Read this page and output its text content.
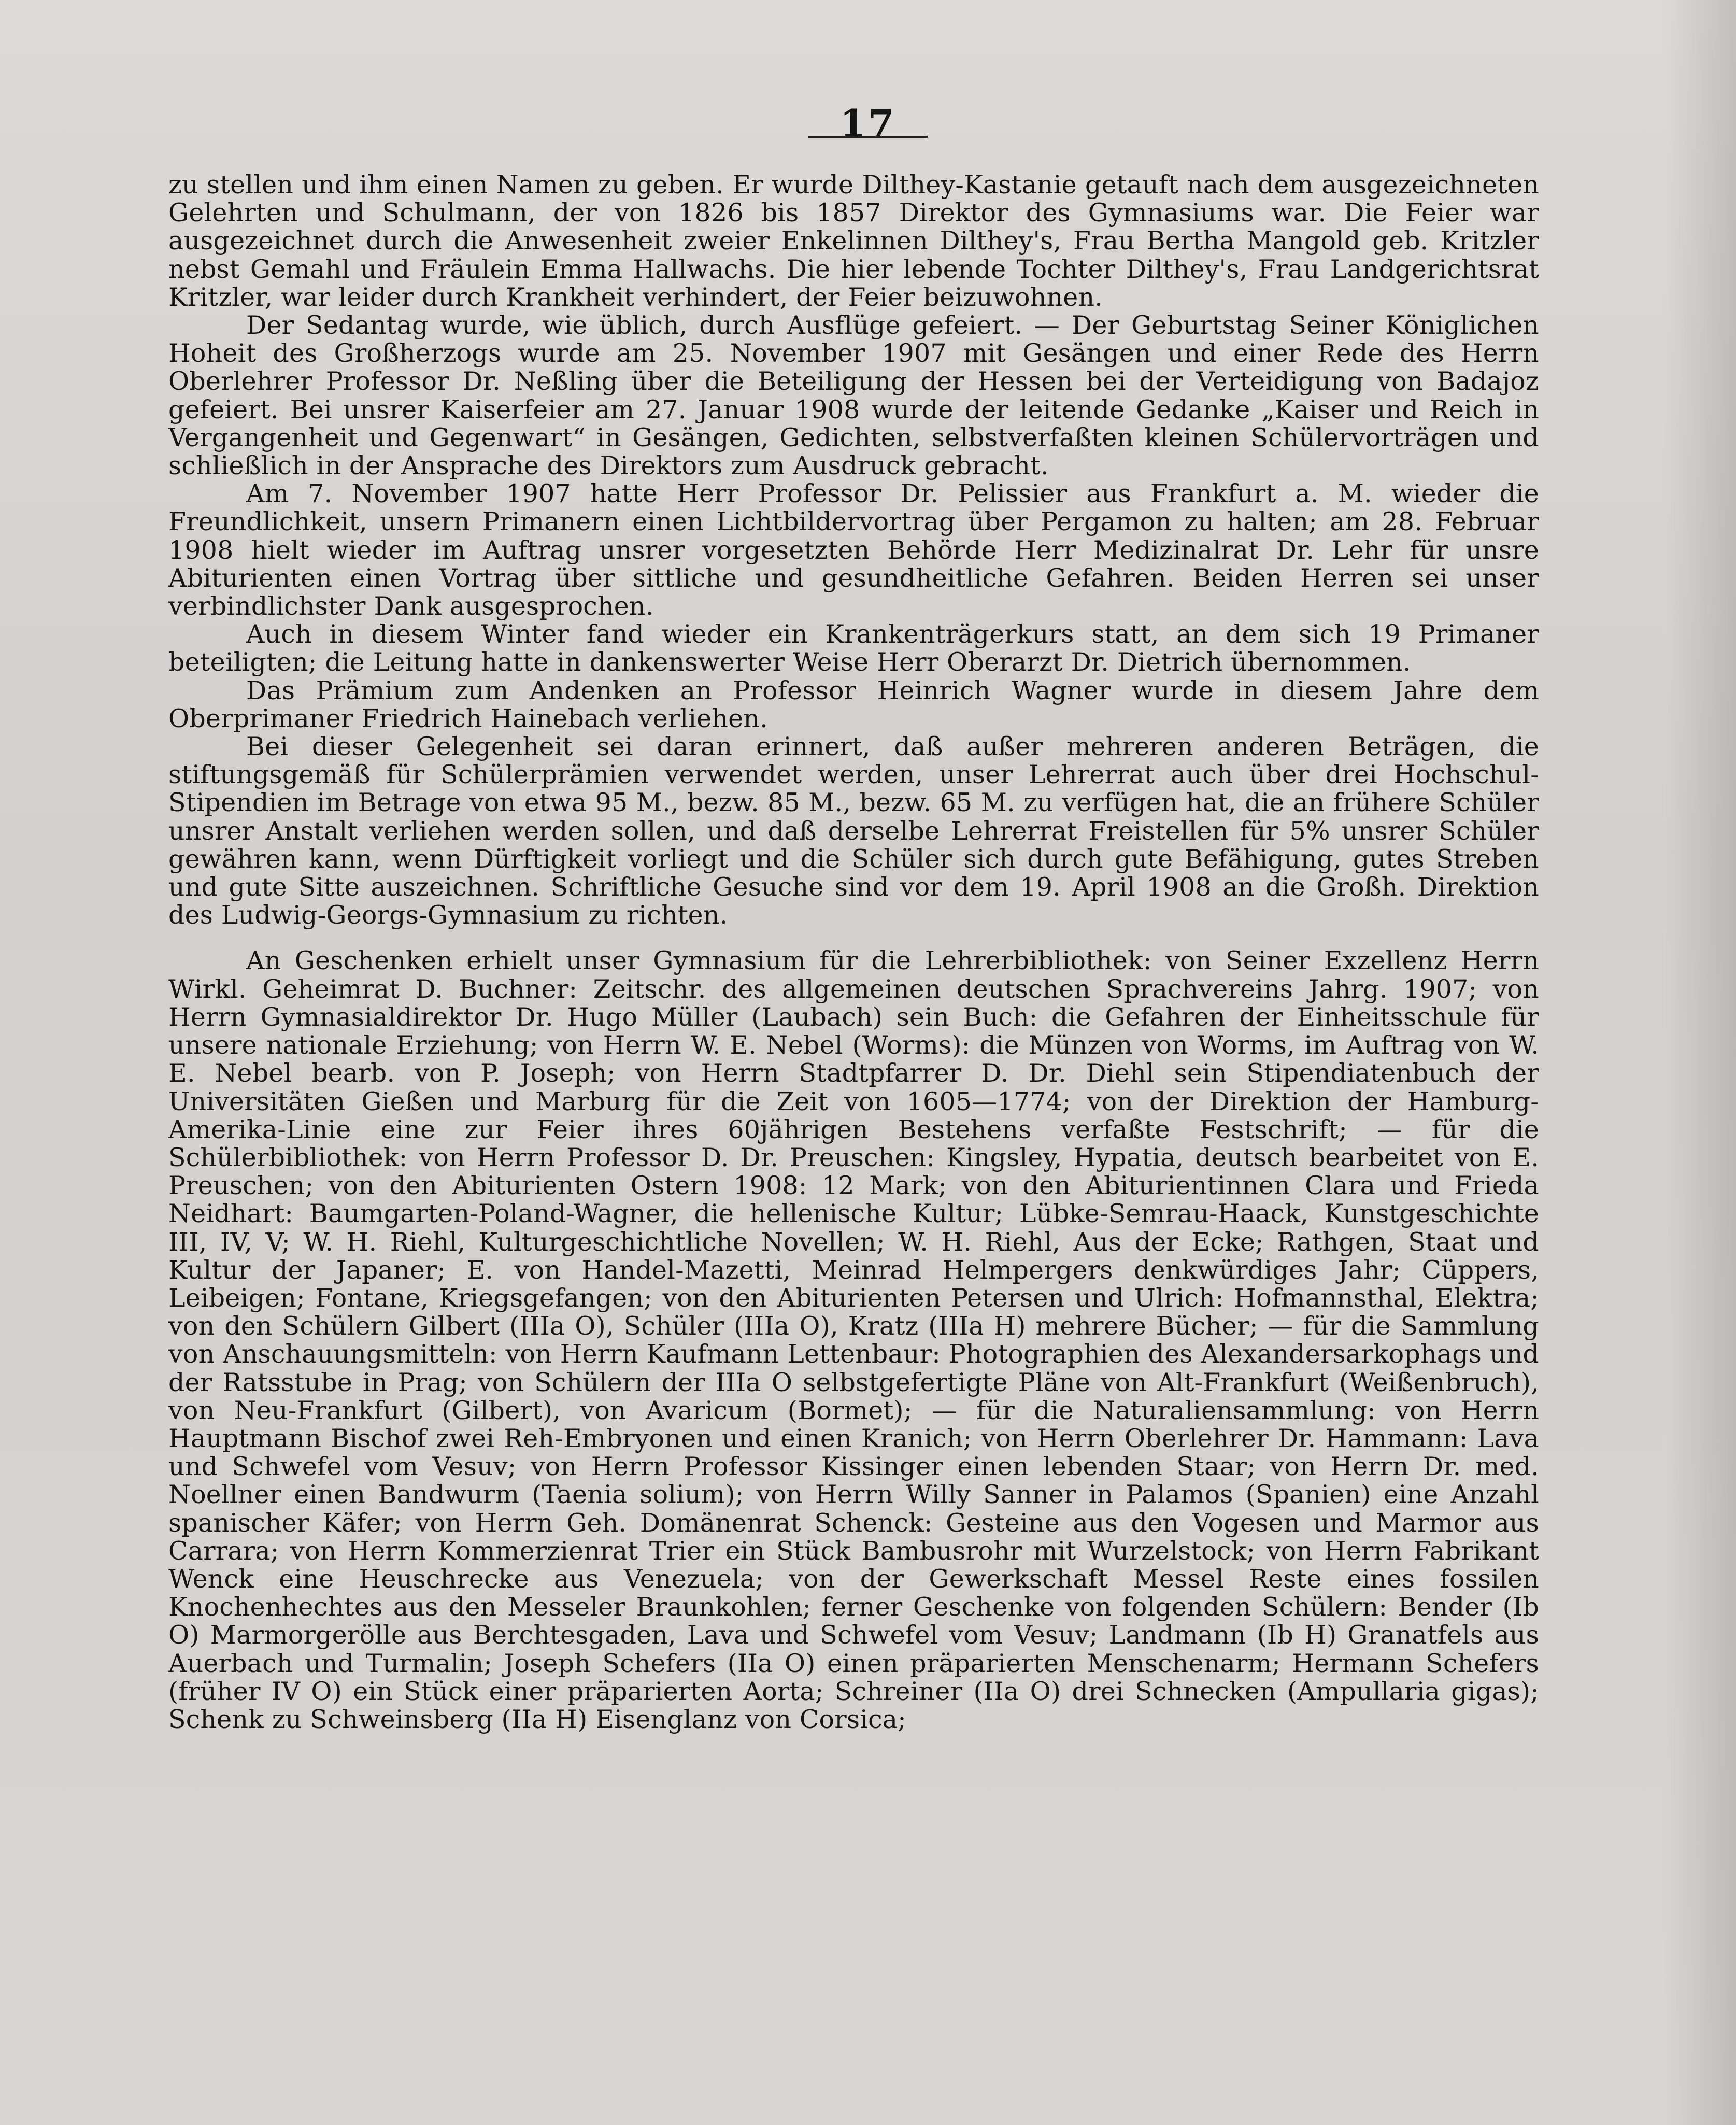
17

zu stellen und ihm einen Namen zu geben. Er wurde Dilthey-Kastanie getauft nach dem ausgezeichneten Gelehrten und Schulmann, der von 1826 bis 1857 Direktor des Gymnasiums war. Die Feier war ausgezeichnet durch die Anwesenheit zweier Enkelinnen Dilthey's, Frau Bertha Mangold geb. Kritzler nebst Gemahl und Fräulein Emma Hallwachs. Die hier lebende Tochter Dilthey's, Frau Landgerichtsrat Kritzler, war leider durch Krankheit verhindert, der Feier beizuwohnen.

Der Sedantag wurde, wie üblich, durch Ausflüge gefeiert. — Der Geburtstag Seiner Königlichen Hoheit des Großherzogs wurde am 25. November 1907 mit Gesängen und einer Rede des Herrn Oberlehrer Professor Dr. Neßling über die Beteiligung der Hessen bei der Verteidigung von Badajoz gefeiert. Bei unsrer Kaiserfeier am 27. Januar 1908 wurde der leitende Gedanke „Kaiser und Reich in Vergangenheit und Gegenwart“ in Gesängen, Gedichten, selbstverfaßten kleinen Schülervorträgen und schließlich in der Ansprache des Direktors zum Ausdruck gebracht.

Am 7. November 1907 hatte Herr Professor Dr. Pelissier aus Frankfurt a. M. wieder die Freundlichkeit, unsern Primanern einen Lichtbildervortrag über Pergamon zu halten; am 28. Februar 1908 hielt wieder im Auftrag unsrer vorgesetzten Behörde Herr Medizinalrat Dr. Lehr für unsre Abiturienten einen Vortrag über sittliche und gesundheitliche Gefahren. Beiden Herren sei unser verbindlichster Dank ausgesprochen.

Auch in diesem Winter fand wieder ein Krankenträgerkurs statt, an dem sich 19 Primaner beteiligten; die Leitung hatte in dankenswerter Weise Herr Oberarzt Dr. Dietrich übernommen.

Das Prämium zum Andenken an Professor Heinrich Wagner wurde in diesem Jahre dem Oberprimaner Friedrich Hainebach verliehen.

Bei dieser Gelegenheit sei daran erinnert, daß außer mehreren anderen Beträgen, die stiftungsgemäß für Schülerprämien verwendet werden, unser Lehrerrat auch über drei Hochschul-Stipendien im Betrage von etwa 95 M., bezw. 85 M., bezw. 65 M. zu verfügen hat, die an frühere Schüler unsrer Anstalt verliehen werden sollen, und daß derselbe Lehrerrat Freistellen für 5% unsrer Schüler gewähren kann, wenn Dürftigkeit vorliegt und die Schüler sich durch gute Befähigung, gutes Streben und gute Sitte auszeichnen. Schriftliche Gesuche sind vor dem 19. April 1908 an die Großh. Direktion des Ludwig-Georgs-Gymnasium zu richten.

An Geschenken erhielt unser Gymnasium für die Lehrerbibliothek: von Seiner Exzellenz Herrn Wirkl. Geheimrat D. Buchner: Zeitschr. des allgemeinen deutschen Sprachvereins Jahrg. 1907; von Herrn Gymnasialdirektor Dr. Hugo Müller (Laubach) sein Buch: die Gefahren der Einheitsschule für unsere nationale Erziehung; von Herrn W. E. Nebel (Worms): die Münzen von Worms, im Auftrag von W. E. Nebel bearb. von P. Joseph; von Herrn Stadtpfarrer D. Dr. Diehl sein Stipendiatenbuch der Universitäten Gießen und Marburg für die Zeit von 1605—1774; von der Direktion der Hamburg-Amerika-Linie eine zur Feier ihres 60jährigen Bestehens verfaßte Festschrift; — für die Schülerbibliothek: von Herrn Professor D. Dr. Preuschen: Kingsley, Hypatia, deutsch bearbeitet von E. Preuschen; von den Abiturienten Ostern 1908: 12 Mark; von den Abiturientinnen Clara und Frieda Neidhart: Baumgarten-Poland-Wagner, die hellenische Kultur; Lübke-Semrau-Haack, Kunstgeschichte III, IV, V; W. H. Riehl, Kulturgeschichtliche Novellen; W. H. Riehl, Aus der Ecke; Rathgen, Staat und Kultur der Japaner; E. von Handel-Mazetti, Meinrad Helmpergers denkwürdiges Jahr; Cüppers, Leibeigen; Fontane, Kriegsgefangen; von den Abiturienten Petersen und Ulrich: Hofmannsthal, Elektra; von den Schülern Gilbert (IIIa O), Schüler (IIIa O), Kratz (IIIa H) mehrere Bücher; — für die Sammlung von Anschauungsmitteln: von Herrn Kaufmann Lettenbaur: Photographien des Alexandersarkophags und der Ratsstube in Prag; von Schülern der IIIa O selbstgefertigte Pläne von Alt-Frankfurt (Weißenbruch), von Neu-Frankfurt (Gilbert), von Avaricum (Bormet); — für die Naturaliensammlung: von Herrn Hauptmann Bischof zwei Reh-Embryonen und einen Kranich; von Herrn Oberlehrer Dr. Hammann: Lava und Schwefel vom Vesuv; von Herrn Professor Kissinger einen lebenden Staar; von Herrn Dr. med. Noellner einen Bandwurm (Taenia solium); von Herrn Willy Sanner in Palamos (Spanien) eine Anzahl spanischer Käfer; von Herrn Geh. Domänenrat Schenck: Gesteine aus den Vogesen und Marmor aus Carrara; von Herrn Kommerzienrat Trier ein Stück Bambusrohr mit Wurzelstock; von Herrn Fabrikant Wenck eine Heuschrecke aus Venezuela; von der Gewerkschaft Messel Reste eines fossilen Knochenhechtes aus den Messeler Braunkohlen; ferner Geschenke von folgenden Schülern: Bender (Ib O) Marmorgerölle aus Berchtesgaden, Lava und Schwefel vom Vesuv; Landmann (Ib H) Granatfels aus Auerbach und Turmalin; Joseph Schefers (IIa O) einen präparierten Menschenarm; Hermann Schefers (früher IV O) ein Stück einer präparierten Aorta; Schreiner (IIa O) drei Schnecken (Ampullaria gigas); Schenk zu Schweinsberg (IIa H) Eisenglanz von Corsica;
